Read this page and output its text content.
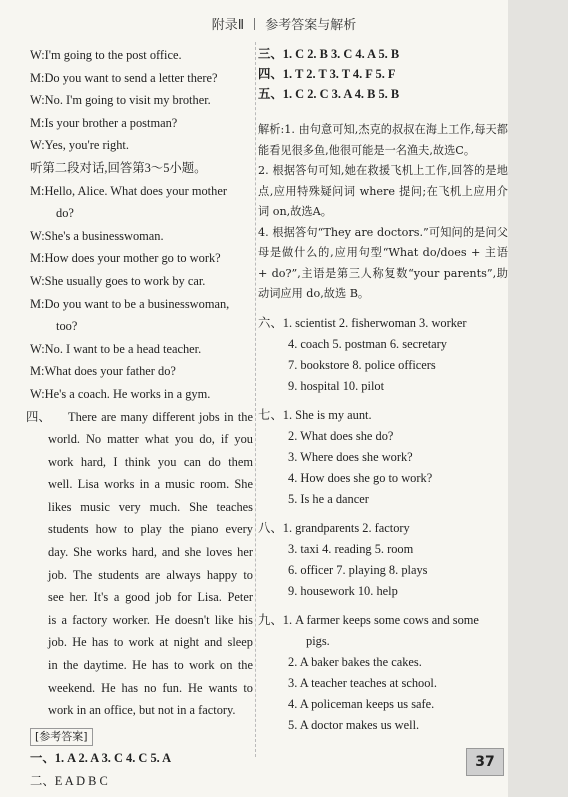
附录Ⅱ 参考答案与解析
W:I'm going to the post office.
M:Do you want to send a letter there?
W:No. I'm going to visit my brother.
M:Is your brother a postman?
W:Yes, you're right.
听第二段对话,回答第3～5小题。
M:Hello, Alice. What does your mother
do?
W:She's a businesswoman.
M:How does your mother go to work?
W:She usually goes to work by car.
M:Do you want to be a businesswoman,
too?
W:No. I want to be a head teacher.
M:What does your father do?
W:He's a coach. He works in a gym.
四、	There are many different jobs in the
world. No matter what you do, if you
work hard, I think you can do them
well. Lisa works in a music room. She
likes music very much. She teaches
students how to play the piano every
day. She works hard, and she loves her
job. The students are always happy to
see her. It's a good job for Lisa. Peter
is a factory worker. He doesn't like his
job. He has to work at night and sleep
in the daytime. He has to work on the
weekend. He has no fun. He wants to
work in an office, but not in a factory.
[参考答案]
一、1. A 2. A 3. C 4. C 5. A
二、E A D B C
三、1. C 2. B 3. C 4. A 5. B
四、1. T 2. T 3. T 4. F 5. F
五、1. C 2. C 3. A 4. B 5. B
解析:1. 由句意可知,杰克的叔叔在海上工作,每天都能看见很多鱼,他很可能是一名渔夫,故选C。
2. 根据答句可知,她在救援飞机上工作,回答的是地点,应用特殊疑问词 where 提问;在飞机上应用介词 on,故选A。
4. 根据答句“They are doctors.”可知问的是问父母是做什么的,应用句型“What do/does + 主语 + do?”,主语是第三人称复数“your parents”,助动词应用 do,故选 B。
六、1. scientist 2. fisherwoman 3. worker
4. coach 5. postman 6. secretary
7. bookstore 8. police officers
9. hospital 10. pilot
七、1. She is my aunt.
2. What does she do?
3. Where does she work?
4. How does she go to work?
5. Is he a dancer
八、1. grandparents 2. factory
3. taxi 4. reading 5. room
6. officer 7. playing 8. plays
9. housework 10. help
九、1. A farmer keeps some cows and some
pigs.
2. A baker bakes the cakes.
3. A teacher teaches at school.
4. A policeman keeps us safe.
5. A doctor makes us well.
37
